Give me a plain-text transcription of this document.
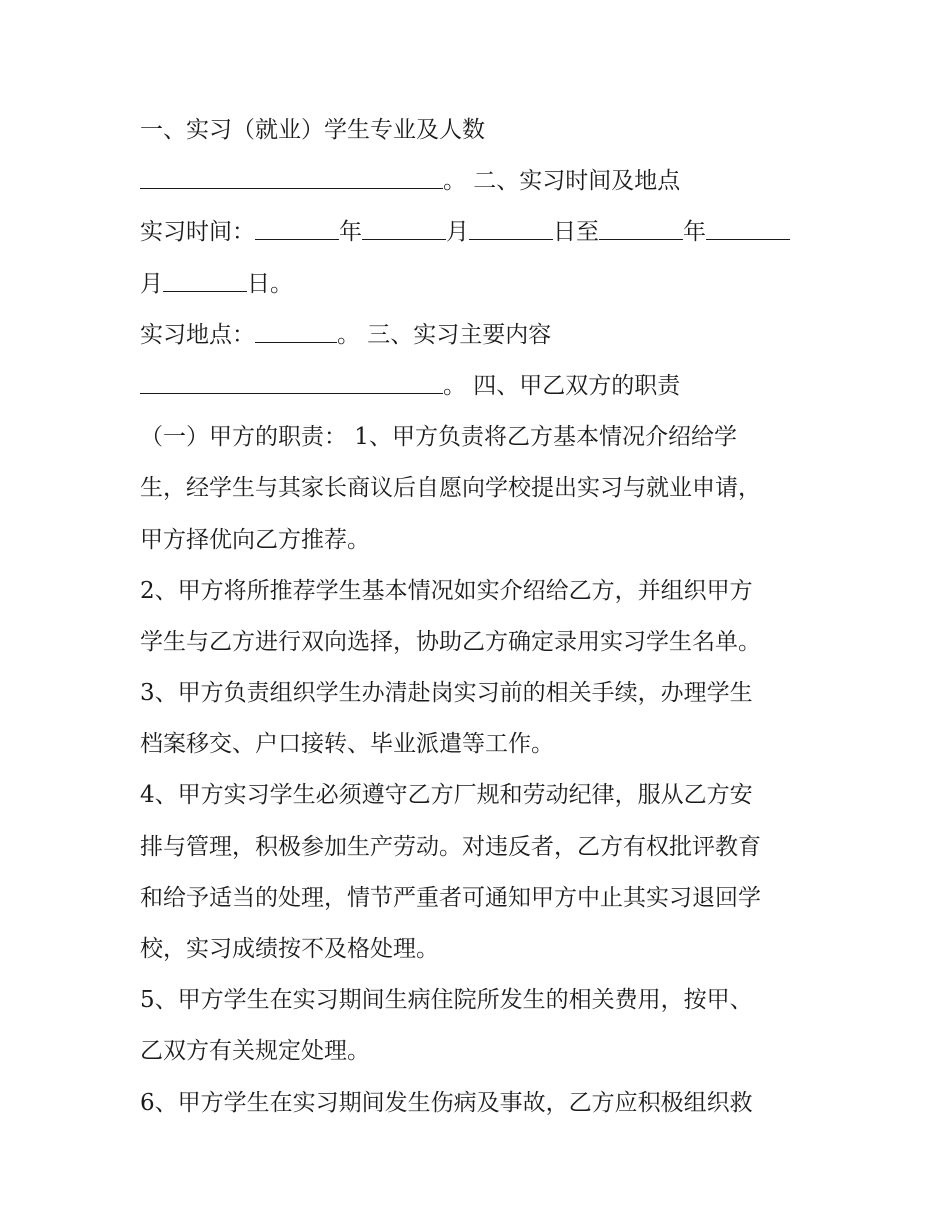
一、实习（就业）学生专业及人数
。 二、实习时间及地点
实习时间：	年	月	日至	年
月	日。
实习地点：	。 三、实习主要内容
。 四、甲乙双方的职责
（一）甲方的职责： 1、甲方负责将乙方基本情况介绍给学
生，经学生与其家长商议后自愿向学校提出实习与就业申请，
甲方择优向乙方推荐。
2、甲方将所推荐学生基本情况如实介绍给乙方，并组织甲方
学生与乙方进行双向选择，协助乙方确定录用实习学生名单。
3、甲方负责组织学生办清赴岗实习前的相关手续，办理学生
档案移交、户口接转、毕业派遣等工作。
4、甲方实习学生必须遵守乙方厂规和劳动纪律，服从乙方安
排与管理，积极参加生产劳动。对违反者，乙方有权批评教育
和给予适当的处理，情节严重者可通知甲方中止其实习退回学
校，实习成绩按不及格处理。
5、甲方学生在实习期间生病住院所发生的相关费用，按甲、
乙双方有关规定处理。
6、甲方学生在实习期间发生伤病及事故，乙方应积极组织救
